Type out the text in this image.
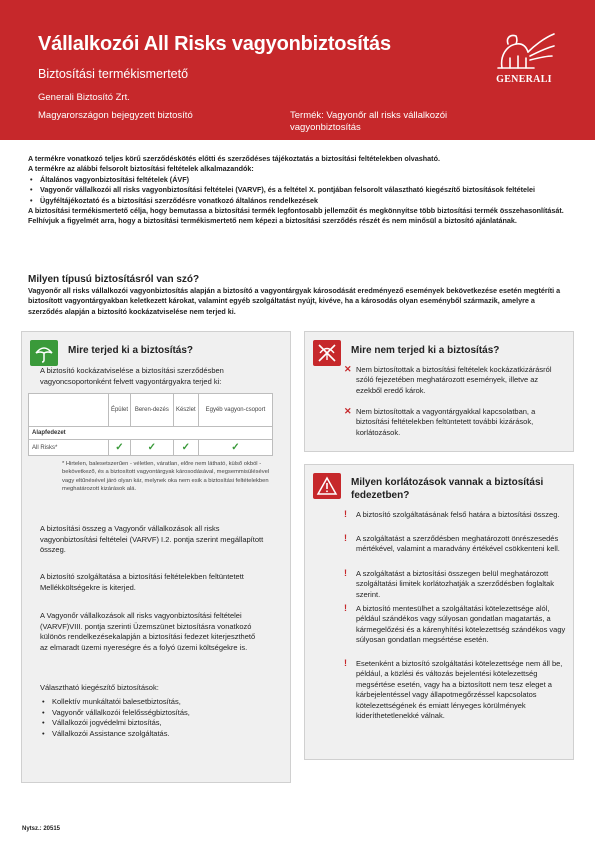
Vállalkozói All Risks vagyonbiztosítás
Biztosítási termékismertető
Generali Biztosító Zrt.
Magyarországon bejegyzett biztosító	Termék: Vagyonőr all risks vállalkozói vagyonbiztosítás
GENERALI
A termékre vonatkozó teljes körű szerződéskötés előtti és szerződéses tájékoztatás a biztosítási feltételekben olvasható.
A termékre az alábbi felsorolt biztosítási feltételek alkalmazandók:
• Általános vagyonbiztosítási feltételek (ÁVF)
• Vagyonőr vállalkozói all risks vagyonbiztosítási feltételei (VARVF), és a feltétel X. pontjában felsorolt választható kiegészítő biztosítások feltételei
• Ügyféltájékoztató és a biztosítási szerződésre vonatkozó általános rendelkezések
A biztosítási termékismertető célja, hogy bemutassa a biztosítási termék legfontosabb jellemzőit és megkönnyítse több biztosítási termék összehasonlítását.
Felhívjuk a figyelmét arra, hogy a biztosítási termékismertető nem képezi a biztosítási szerződés részét és nem minősül a biztosító ajánlatának.
Milyen típusú biztosításról van szó?
Vagyonőr all risks vállalkozói vagyonbiztosítás alapján a biztosító a vagyontárgyak károsodását eredményező események bekövetkezése esetén megtéríti a biztosított vagyontárgyakban keletkezett károkat, valamint egyéb szolgáltatást nyújt, kivéve, ha a károsodás olyan eseményből származik, amelyre a szerződés alapján a biztosító kockázatviselése nem terjed ki.
Mire terjed ki a biztosítás?
A biztosító kockázatviselése a biztosítási szerződésben vagyoncsoportonként felvett vagyontárgyakra terjed ki:
	Épület	Beren-dezés	Készlet	Egyéb vagyon-csoport
Alapfedezet				
All Risks*	✓	✓	✓	✓
* Hirtelen, balesetszerűen - véletlen, váratlan, előre nem látható, külső okból - bekövetkező, és a biztosított vagyontárgyak károsodásával, megsemmisülésével vagy eltűnésével járó olyan kár, melynek oka nem esik a biztosítási feltételekben meghatározott kizárások alá.
A biztosítási összeg a Vagyonőr vállalkozások all risks vagyonbiztosítási feltételei (VARVF) I.2. pontja szerint megállapított összeg.
A biztosító szolgáltatása a biztosítási feltételekben feltüntetett Mellékköltségekre is kiterjed.
A Vagyonőr vállalkozások all risks vagyonbiztosítási feltételei (VARVF)VIII. pontja szerinti Üzemszünet biztosításra vonatkozó különös rendelkezésekalapján a biztosítási fedezet kiterjeszthető az elmaradt üzemi nyereségre és a folyó üzemi költségekre is.
Választható kiegészítő biztosítások:
• Kollektív munkáltatói balesetbiztosítás,
• Vagyonőr vállalkozói felelősségbiztosítás,
• Vállalkozói jogvédelmi biztosítás,
• Vállalkozói Assistance szolgáltatás.
Mire nem terjed ki a biztosítás?
✕ Nem biztosítottak a biztosítási feltételek kockázatkizárásról szóló fejezetében meghatározott események, illetve az ezekből eredő károk.
✕ Nem biztosítottak a vagyontárgyakkal kapcsolatban, a biztosítási feltételekben feltüntetett további kizárások, korlátozások.
Milyen korlátozások vannak a biztosítási fedezetben?
! A biztosító szolgáltatásának felső határa a biztosítási összeg.
! A szolgáltatást a szerződésben meghatározott önrészesedés mértékével, valamint a maradvány értékével csökkenteni kell.
! A szolgáltatást a biztosítási összegen belül meghatározott szolgáltatási limitek korlátozhatják a szerződésben foglaltak szerint.
! A biztosító mentesülhet a szolgáltatási kötelezettsége alól, például szándékos vagy súlyosan gondatlan magatartás, a kármegelőzési és a kárenyhítési kötelezettség szándékos vagy súlyosan gondatlan megsértése esetén.
! Esetenként a biztosító szolgáltatási kötelezettsége nem áll be, például, a közlési és változás bejelentési kötelezettség megsértése esetén, vagy ha a biztosított nem tesz eleget a kárbejelentéssel vagy állapotmegőrzéssel kapcsolatos kötelezettségének és emiatt lényeges körülmények kideríthetetlenekké válnak.
Nytsz.: 20515
